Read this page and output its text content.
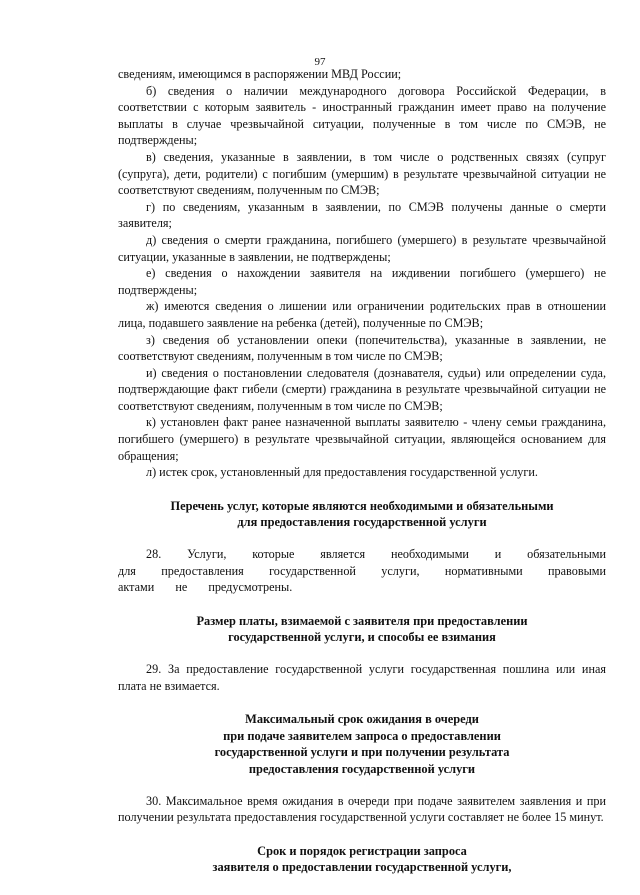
97

сведениям, имеющимся в распоряжении МВД России;

б) сведения о наличии международного договора Российской Федерации, в соответствии с которым заявитель - иностранный гражданин имеет право на получение выплаты в случае чрезвычайной ситуации, полученные в том числе по СМЭВ, не подтверждены;

в) сведения, указанные в заявлении, в том числе о родственных связях (супруг (супруга), дети, родители) с погибшим (умершим) в результате чрезвычайной ситуации не соответствуют сведениям, полученным по СМЭВ;

г) по сведениям, указанным в заявлении, по СМЭВ получены данные о смерти заявителя;

д) сведения о смерти гражданина, погибшего (умершего) в результате чрезвычайной ситуации, указанные в заявлении, не подтверждены;

е) сведения о нахождении заявителя на иждивении погибшего (умершего) не подтверждены;

ж) имеются сведения о лишении или ограничении родительских прав в отношении лица, подавшего заявление на ребенка (детей), полученные по СМЭВ;

з) сведения об установлении опеки (попечительства), указанные в заявлении, не соответствуют сведениям, полученным в том числе по СМЭВ;

и) сведения о постановлении следователя (дознавателя, судьи) или определении суда, подтверждающие факт гибели (смерти) гражданина в результате чрезвычайной ситуации не соответствуют сведениям, полученным в том числе по СМЭВ;

к) установлен факт ранее назначенной выплаты заявителю - члену семьи гражданина, погибшего (умершего) в результате чрезвычайной ситуации, являющейся основанием для обращения;

л) истек срок, установленный для предоставления государственной услуги.

Перечень услуг, которые являются необходимыми и обязательными
для предоставления государственной услуги

28. Услуги, которые является необходимыми и обязательными для предоставления государственной услуги, нормативными правовыми актами не предусмотрены.

Размер платы, взимаемой с заявителя при предоставлении
государственной услуги, и способы ее взимания

29. За предоставление государственной услуги государственная пошлина или иная плата не взимается.

Максимальный срок ожидания в очереди
при подаче заявителем запроса о предоставлении
государственной услуги и при получении результата
предоставления государственной услуги

30. Максимальное время ожидания в очереди при подаче заявителем заявления и при получении результата предоставления государственной услуги составляет не более 15 минут.

Срок и порядок регистрации запроса
заявителя о предоставлении государственной услуги,
